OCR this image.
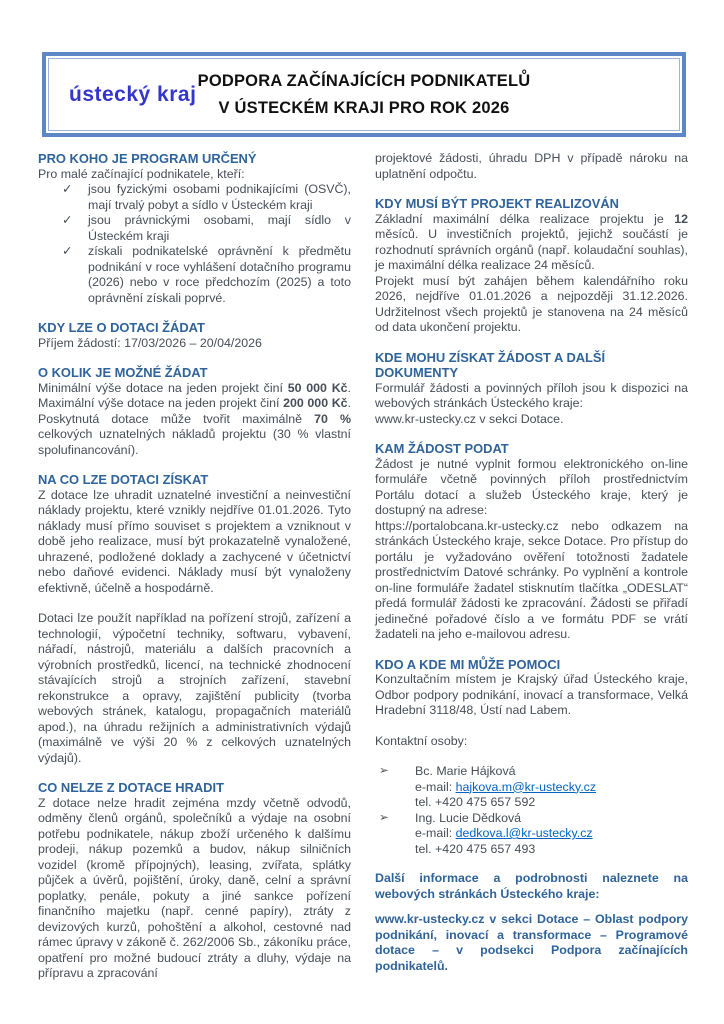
ústecký kraj
PODPORA ZAČÍNAJÍCÍCH PODNIKATELŮ
V ÚSTECKÉM KRAJI PRO ROK 2026
PRO KOHO JE PROGRAM URČENÝ

Pro malé začínající podnikatele, kteří:

✓	jsou fyzickými osobami podnikajícími (OSVČ), mají trvalý pobyt a sídlo v Ústeckém kraji
✓	jsou právnickými osobami, mají sídlo v Ústeckém kraji
✓	získali podnikatelské oprávnění k předmětu podnikání v roce vyhlášení dotačního programu (2026) nebo v roce předchozím (2025) a toto oprávnění získali poprvé.
KDY LZE O DOTACI ŽÁDAT

Příjem žádostí: 17/03/2026 – 20/04/2026

O KOLIK JE MOŽNÉ ŽÁDAT

Minimální výše dotace na jeden projekt činí 50 000 Kč. Maximální výše dotace na jeden projekt činí 200 000 Kč. Poskytnutá dotace může tvořit maximálně 70 % celkových uznatelných nákladů projektu (30 % vlastní spolufinancování).

NA CO LZE DOTACI ZÍSKAT

Z dotace lze uhradit uznatelné investiční a neinvestiční náklady projektu, které vznikly nejdříve 01.01.2026. Tyto náklady musí přímo souviset s projektem a vzniknout v době jeho realizace, musí být prokazatelně vynaložené, uhrazené, podložené doklady a zachycené v účetnictví nebo daňové evidenci. Náklady musí být vynaloženy efektivně, účelně a hospodárně.

Dotaci lze použít například na pořízení strojů, zařízení a technologií, výpočetní techniky, softwaru, vybavení, nářadí, nástrojů, materiálu a dalších pracovních a výrobních prostředků, licencí, na technické zhodnocení stávajících strojů a strojních zařízení, stavební rekonstrukce a opravy, zajištění publicity (tvorba webových stránek, katalogu, propagačních materiálů apod.), na úhradu režijních a administrativních výdajů (maximálně ve výši 20 % z celkových uznatelných výdajů).

CO NELZE Z DOTACE HRADIT

Z dotace nelze hradit zejména mzdy včetně odvodů, odměny členů orgánů, společníků a výdaje na osobní potřebu podnikatele, nákup zboží určeného k dalšímu prodeji, nákup pozemků a budov, nákup silničních vozidel (kromě přípojných), leasing, zvířata, splátky půjček a úvěrů, pojištění, úroky, daně, celní a správní poplatky, penále, pokuty a jiné sankce pořízení finančního majetku (např. cenné papíry), ztráty z devizových kurzů, pohoštění a alkohol, cestovné nad rámec úpravy v zákoně č. 262/2006 Sb., zákoníku práce, opatření pro možné budoucí ztráty a dluhy, výdaje na přípravu a zpracování

projektové žádosti, úhradu DPH v případě nároku na uplatnění odpočtu.

KDY MUSÍ BÝT PROJEKT REALIZOVÁN

Základní maximální délka realizace projektu je 12 měsíců. U investičních projektů, jejichž součástí je rozhodnutí správních orgánů (např. kolaudační souhlas), je maximální délka realizace 24 měsíců.

Projekt musí být zahájen během kalendářního roku 2026, nejdříve 01.01.2026 a nejpozději 31.12.2026. Udržitelnost všech projektů je stanovena na 24 měsíců od data ukončení projektu.

KDE MOHU ZÍSKAT ŽÁDOST A DALŠÍ DOKUMENTY

Formulář žádosti a povinných příloh jsou k dispozici na webových stránkách Ústeckého kraje:

www.kr-ustecky.cz v sekci Dotace.

KAM ŽÁDOST PODAT

Žádost je nutné vyplnit formou elektronického on-line formuláře včetně povinných příloh prostřednictvím Portálu dotací a služeb Ústeckého kraje, který je dostupný na adrese:

https://portalobcana.kr-ustecky.cz nebo odkazem na stránkách Ústeckého kraje, sekce Dotace. Pro přístup do portálu je vyžadováno ověření totožnosti žadatele prostřednictvím Datové schránky. Po vyplnění a kontrole on-line formuláře žadatel stisknutím tlačítka „ODESLAT“ předá formulář žádosti ke zpracování. Žádosti se přiřadí jedinečné pořadové číslo a ve formátu PDF se vrátí žadateli na jeho e-mailovou adresu.

KDO A KDE MI MŮŽE POMOCI

Konzultačním místem je Krajský úřad Ústeckého kraje, Odbor podpory podnikání, inovací a transformace, Velká Hradební 3118/48, Ústí nad Labem.

Kontaktní osoby:

➢	Bc. Marie Hájková
e-mail: hajkova.m@kr-ustecky.cz
tel. +420 475 657 592
➢	Ing. Lucie Dědková
e-mail: dedkova.l@kr-ustecky.cz
tel. +420 475 657 493

Další informace a podrobnosti naleznete na webových stránkách Ústeckého kraje:

www.kr-ustecky.cz v sekci Dotace – Oblast podpory podnikání, inovací a transformace – Programové dotace – v podsekci Podpora začínajících podnikatelů.
